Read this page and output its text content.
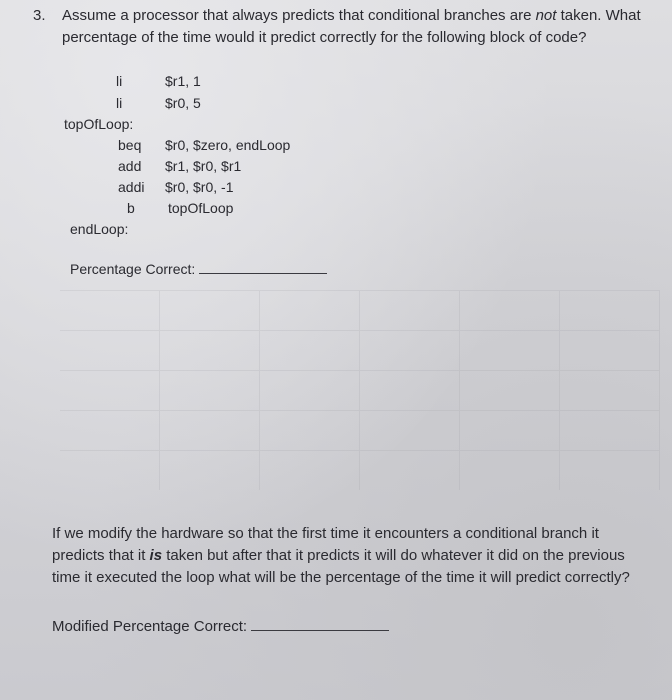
3. Assume a processor that always predicts that conditional branches are not taken. What

percentage of the time would it predict correctly for the following block of code?

li	$r1, 1
li	$r0, 5
topOfLoop:
beq $r0, $zero, endLoop
add $r1, $r0, $r1
addi $r0, $r0, -1
b topOfLoop
endLoop:

Percentage Correct:

If we modify the hardware so that the first time it encounters a conditional branch it

predicts that it is taken but after that it predicts it will do whatever it did on the previous

time it executed the loop what will be the percentage of the time it will predict correctly?

Modified Percentage Correct:
